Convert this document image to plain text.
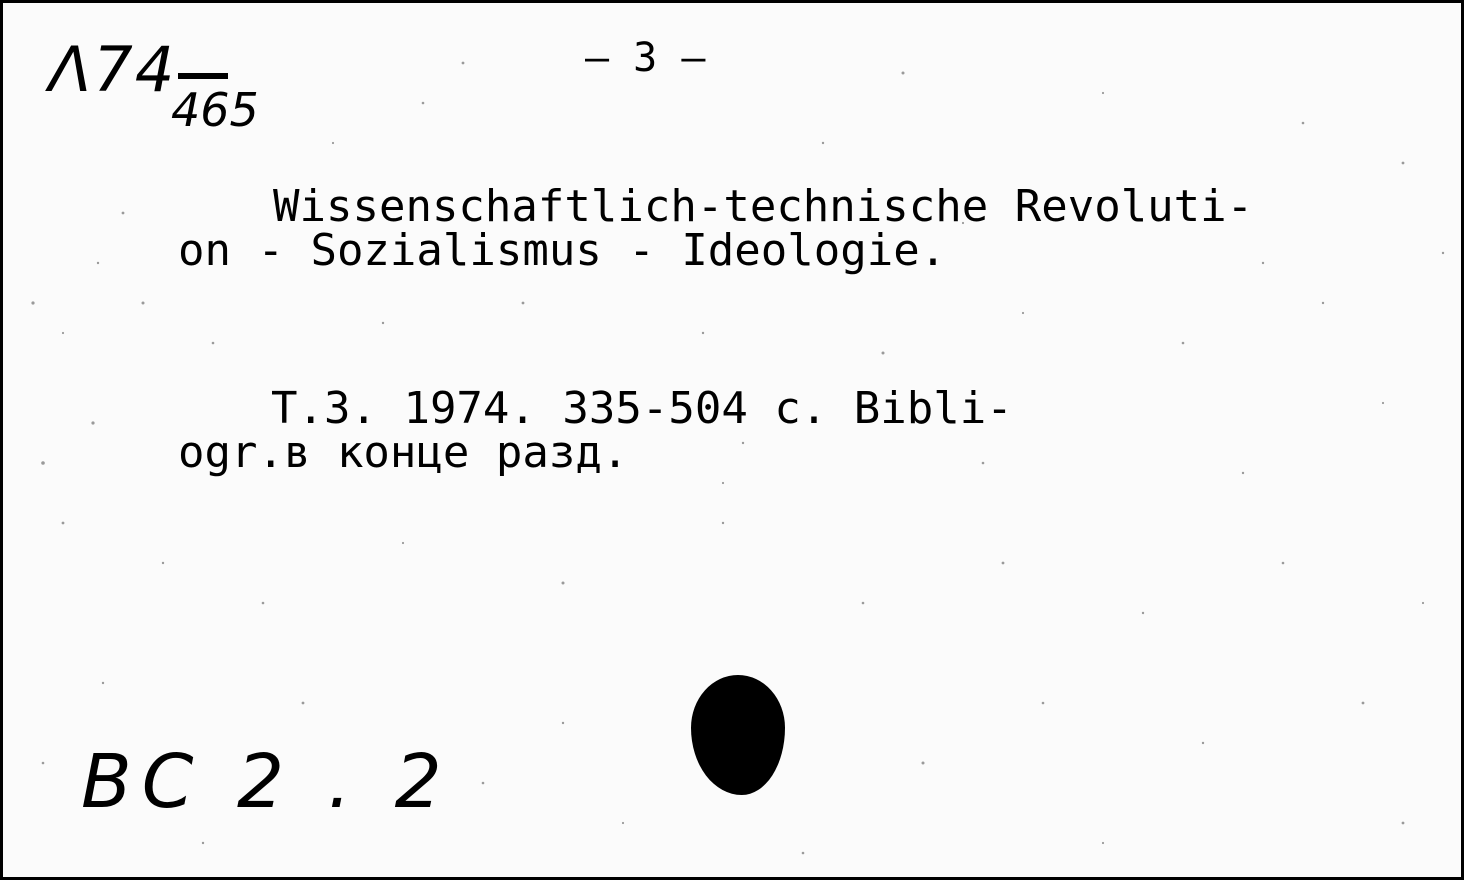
Λ74
465
— 3 —
Wissenschaftlich-technische Revoluti-
on - Sozialismus - Ideologie.
T.3. 1974. 335-504 c. Bibli-
ogr.в конце разд.
ВС 2 . 2
